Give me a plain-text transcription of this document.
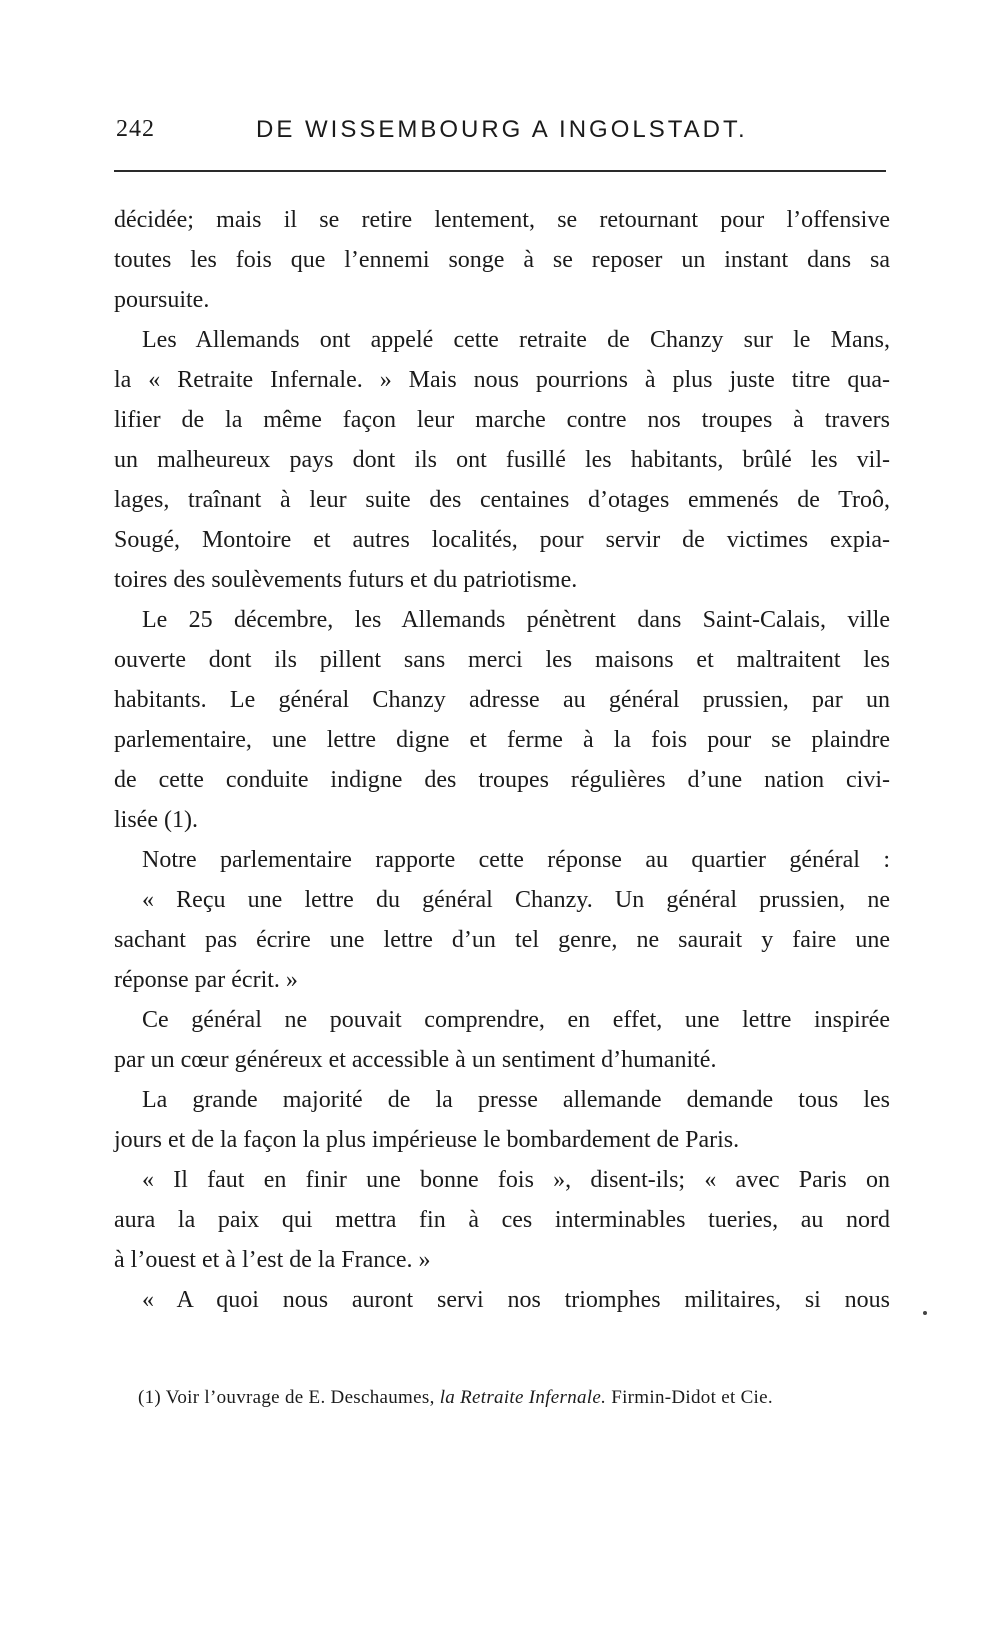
242	DE WISSEMBOURG A INGOLSTADT.
décidée; mais il se retire lentement, se retournant pour l’offensive
toutes les fois que l’ennemi songe à se reposer un instant dans sa
poursuite.
Les Allemands ont appelé cette retraite de Chanzy sur le Mans,
la « Retraite Infernale. » Mais nous pourrions à plus juste titre qua-
lifier de la même façon leur marche contre nos troupes à travers
un malheureux pays dont ils ont fusillé les habitants, brûlé les vil-
lages, traînant à leur suite des centaines d’otages emmenés de Troô,
Sougé, Montoire et autres localités, pour servir de victimes expia-
toires des soulèvements futurs et du patriotisme.
Le 25 décembre, les Allemands pénètrent dans Saint-Calais, ville
ouverte dont ils pillent sans merci les maisons et maltraitent les
habitants. Le général Chanzy adresse au général prussien, par un
parlementaire, une lettre digne et ferme à la fois pour se plaindre
de cette conduite indigne des troupes régulières d’une nation civi-
lisée (1).
Notre parlementaire rapporte cette réponse au quartier général :
« Reçu une lettre du général Chanzy. Un général prussien, ne
sachant pas écrire une lettre d’un tel genre, ne saurait y faire une
réponse par écrit. »
Ce général ne pouvait comprendre, en effet, une lettre inspirée
par un cœur généreux et accessible à un sentiment d’humanité.
La grande majorité de la presse allemande demande tous les
jours et de la façon la plus impérieuse le bombardement de Paris.
« Il faut en finir une bonne fois », disent-ils; « avec Paris on
aura la paix qui mettra fin à ces interminables tueries, au nord
à l’ouest et à l’est de la France. »
« A quoi nous auront servi nos triomphes militaires, si nous
(1) Voir l’ouvrage de E. Deschaumes, la Retraite Infernale. Firmin-Didot et Cie.
